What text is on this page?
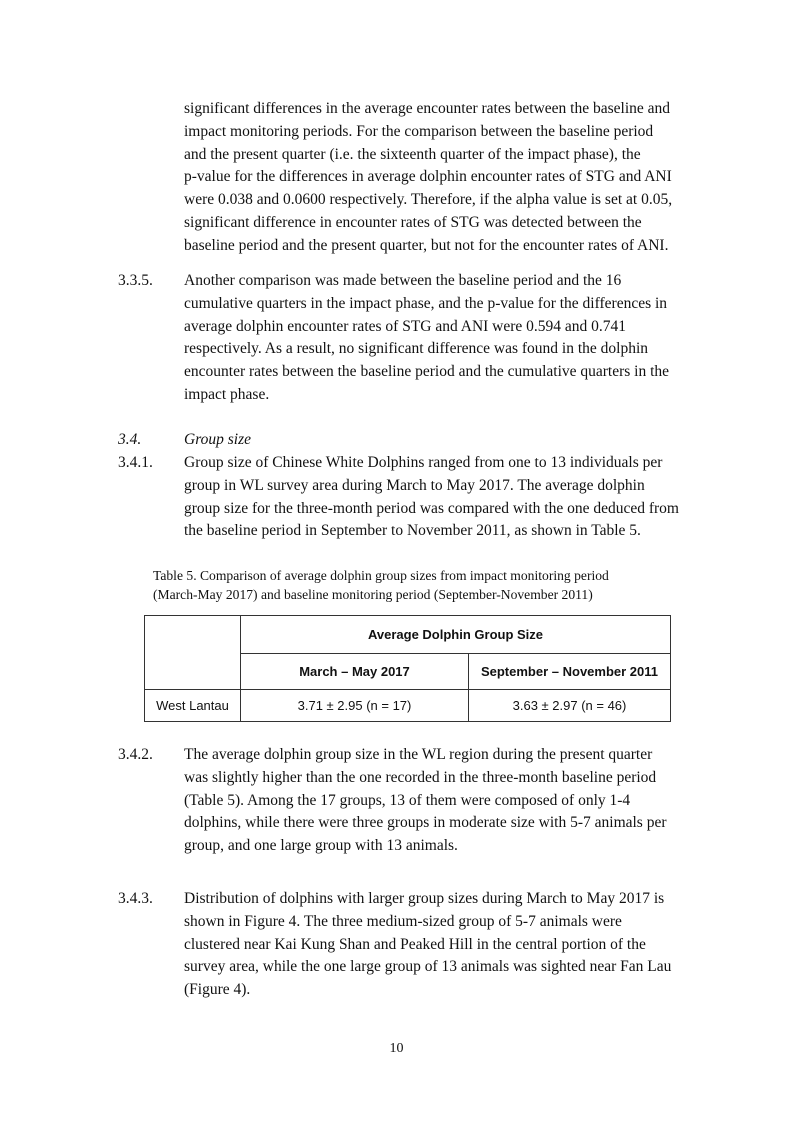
significant differences in the average encounter rates between the baseline and
impact monitoring periods. For the comparison between the baseline period
and the present quarter (i.e. the sixteenth quarter of the impact phase), the
p-value for the differences in average dolphin encounter rates of STG and ANI
were 0.038 and 0.0600 respectively. Therefore, if the alpha value is set at 0.05,
significant difference in encounter rates of STG was detected between the
baseline period and the present quarter, but not for the encounter rates of ANI.
3.3.5. Another comparison was made between the baseline period and the 16
cumulative quarters in the impact phase, and the p-value for the differences in
average dolphin encounter rates of STG and ANI were 0.594 and 0.741
respectively. As a result, no significant difference was found in the dolphin
encounter rates between the baseline period and the cumulative quarters in the
impact phase.
3.4.	Group size
3.4.1. Group size of Chinese White Dolphins ranged from one to 13 individuals per
group in WL survey area during March to May 2017. The average dolphin
group size for the three-month period was compared with the one deduced from
the baseline period in September to November 2011, as shown in Table 5.
Table 5. Comparison of average dolphin group sizes from impact monitoring period
(March-May 2017) and baseline monitoring period (September-November 2011)
	Average Dolphin Group Size	
	March – May 2017	September – November 2011
West Lantau	3.71 ± 2.95 (n = 17)	3.63 ± 2.97 (n = 46)
3.4.2. The average dolphin group size in the WL region during the present quarter
was slightly higher than the one recorded in the three-month baseline period
(Table 5). Among the 17 groups, 13 of them were composed of only 1-4
dolphins, while there were three groups in moderate size with 5-7 animals per
group, and one large group with 13 animals.
3.4.3. Distribution of dolphins with larger group sizes during March to May 2017 is
shown in Figure 4. The three medium-sized group of 5-7 animals were
clustered near Kai Kung Shan and Peaked Hill in the central portion of the
survey area, while the one large group of 13 animals was sighted near Fan Lau
(Figure 4).
10
